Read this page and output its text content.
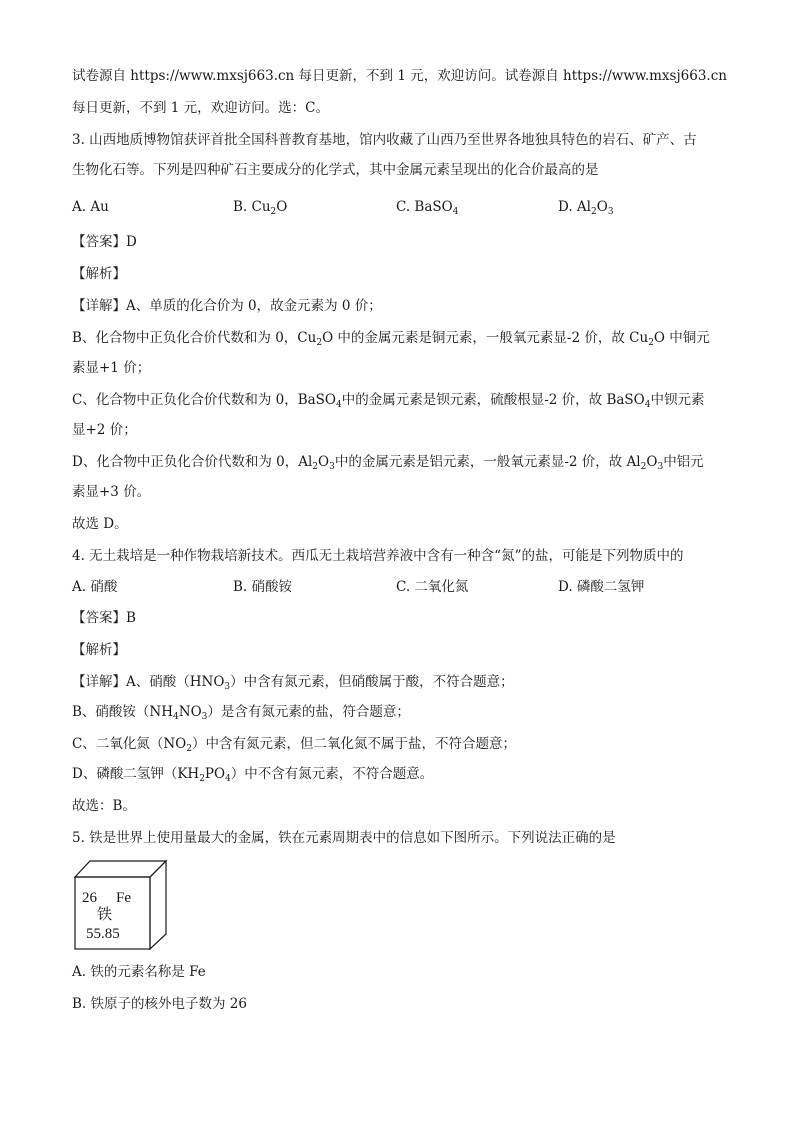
试卷源自 https://www.mxsj663.cn 每日更新，不到 1 元，欢迎访问。试卷源自 https://www.mxsj663.cn
每日更新，不到 1 元，欢迎访问。选：C。
3. 山西地质博物馆获评首批全国科普教育基地，馆内收藏了山西乃至世界各地独具特色的岩石、矿产、古
生物化石等。下列是四种矿石主要成分的化学式，其中金属元素呈现出的化合价最高的是
A. Au	B. $Cu_2O$	C. BaSO$_4$	D. $Al_2O_3$
【答案】D
【解析】
【详解】A、单质的化合价为 0，故金元素为 0 价；
B、化合物中正负化合价代数和为 0，$Cu_2O$ 中的金属元素是铜元素，一般氧元素显-2 价，故 $Cu_2O$ 中铜元
素显+1 价；
C、化合物中正负化合价代数和为 0，BaSO$_4$中的金属元素是钡元素，硫酸根显-2 价，故 BaSO$_4$中钡元素
显+2 价；
D、化合物中正负化合价代数和为 0，$Al_2O_3$中的金属元素是铝元素，一般氧元素显-2 价，故 $Al_2O_3$中铝元
素显+3 价。
故选 D。
4. 无土栽培是一种作物栽培新技术。西瓜无土栽培营养液中含有一种含“氮”的盐，可能是下列物质中的
A. 硝酸	B. 硝酸铵	C. 二氧化氮	D. 磷酸二氢钾
【答案】B
【解析】
【详解】A、硝酸$(HNO_3)$中含有氮元素，但硝酸属于酸，不符合题意；
B、硝酸铵$(NH_4NO_3)$是含有氮元素的盐，符合题意；
C、二氧化氮$(NO_2)$中含有氮元素，但二氧化氮不属于盐，不符合题意；
D、磷酸二氢钾$(KH_2PO_4)$中不含有氮元素，不符合题意。
故选：B。
5. 铁是世界上使用量最大的金属，铁在元素周期表中的信息如下图所示。下列说法正确的是
A. 铁的元素名称是 Fe
B. 铁原子的核外电子数为 26
26 Fe
铁
55.85
